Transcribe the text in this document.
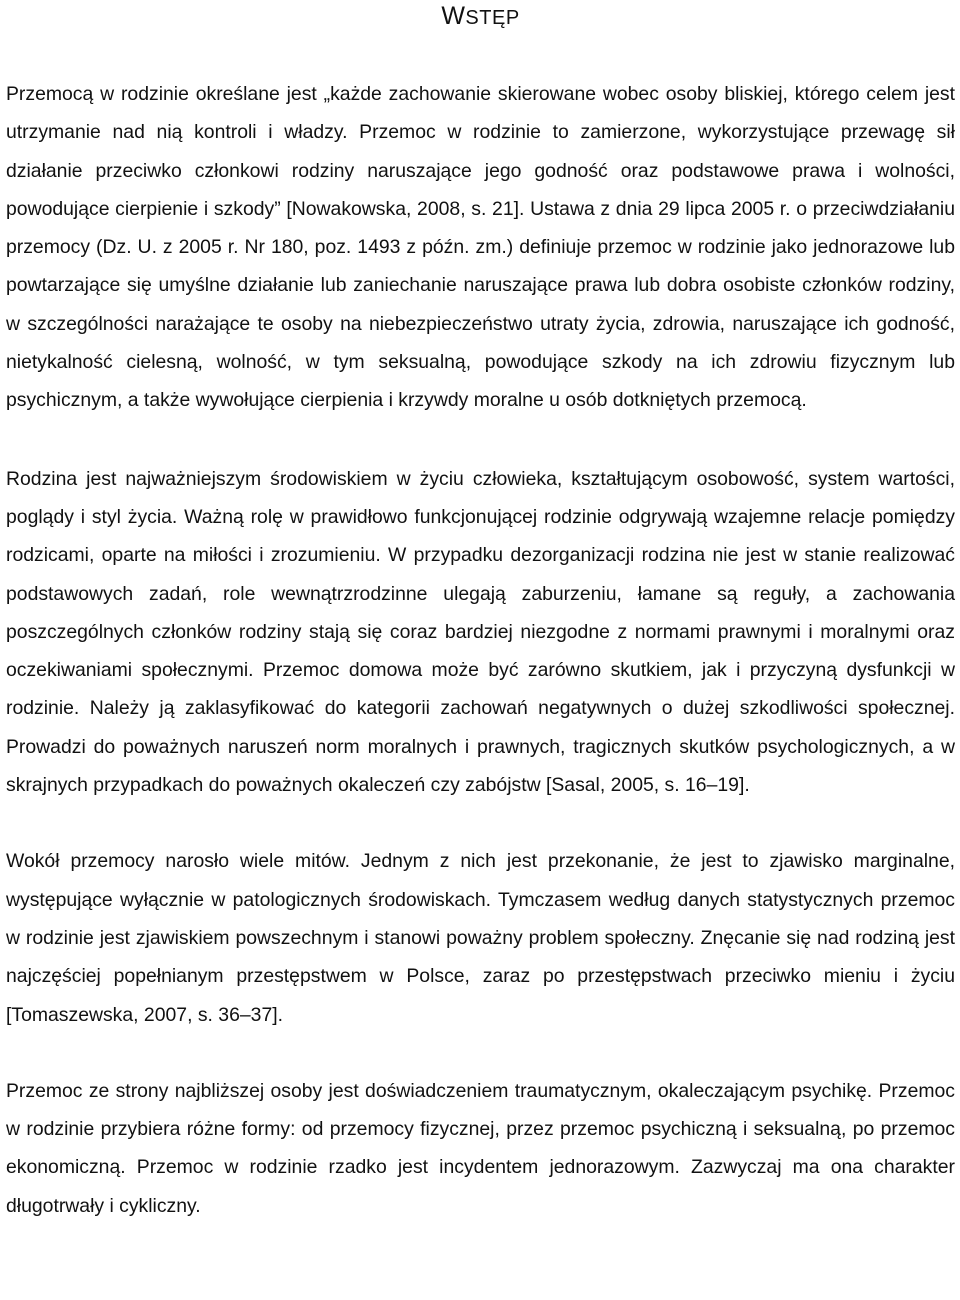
WSTĘP

Przemocą w rodzinie określane jest „każde zachowanie skierowane wobec osoby bliskiej, którego celem jest utrzymanie nad nią kontroli i władzy. Przemoc w rodzinie to zamierzone, wykorzystujące przewagę sił działanie przeciwko członkowi rodziny naruszające jego godność oraz podstawowe prawa i wolności, powodujące cierpienie i szkody” [Nowakowska, 2008, s. 21]. Ustawa z dnia 29 lipca 2005 r. o przeciwdziałaniu przemocy (Dz. U. z 2005 r. Nr 180, poz. 1493 z późn. zm.) definiuje przemoc w rodzinie jako jednorazowe lub powtarzające się umyślne działanie lub zaniechanie naruszające prawa lub dobra osobiste członków rodziny, w szczególności narażające te osoby na niebezpieczeństwo utraty życia, zdrowia, naruszające ich godność, nietykalność cielesną, wolność, w tym seksualną, powodujące szkody na ich zdrowiu fizycznym lub psychicznym, a także wywołujące cierpienia i krzywdy moralne u osób dotkniętych przemocą.

Rodzina jest najważniejszym środowiskiem w życiu człowieka, kształtującym osobowość, system wartości, poglądy i styl życia. Ważną rolę w prawidłowo funkcjonującej rodzinie odgrywają wzajemne relacje pomiędzy rodzicami, oparte na miłości i zrozumieniu. W przypadku dezorganizacji rodzina nie jest w stanie realizować podstawowych zadań, role wewnątrzrodzinne ulegają zaburzeniu, łamane są reguły, a zachowania poszczególnych członków rodziny stają się coraz bardziej niezgodne z normami prawnymi i moralnymi oraz oczekiwaniami społecznymi. Przemoc domowa może być zarówno skutkiem, jak i przyczyną dysfunkcji w rodzinie. Należy ją zaklasyfikować do kategorii zachowań negatywnych o dużej szkodliwości społecznej. Prowadzi do poważnych naruszeń norm moralnych i prawnych, tragicznych skutków psychologicznych, a w skrajnych przypadkach do poważnych okaleczeń czy zabójstw [Sasal, 2005, s. 16–19].

Wokół przemocy narosło wiele mitów. Jednym z nich jest przekonanie, że jest to zjawisko marginalne, występujące wyłącznie w patologicznych środowiskach. Tymczasem według danych statystycznych przemoc w rodzinie jest zjawiskiem powszechnym i stanowi poważny problem społeczny. Znęcanie się nad rodziną jest najczęściej popełnianym przestępstwem w Polsce, zaraz po przestępstwach przeciwko mieniu i życiu [Tomaszewska, 2007, s. 36–37].

Przemoc ze strony najbliższej osoby jest doświadczeniem traumatycznym, okaleczającym psychikę. Przemoc w rodzinie przybiera różne formy: od przemocy fizycznej, przez przemoc psychiczną i seksualną, po przemoc ekonomiczną. Przemoc w rodzinie rzadko jest incydentem jednorazowym. Zazwyczaj ma ona charakter długotrwały i cykliczny.
